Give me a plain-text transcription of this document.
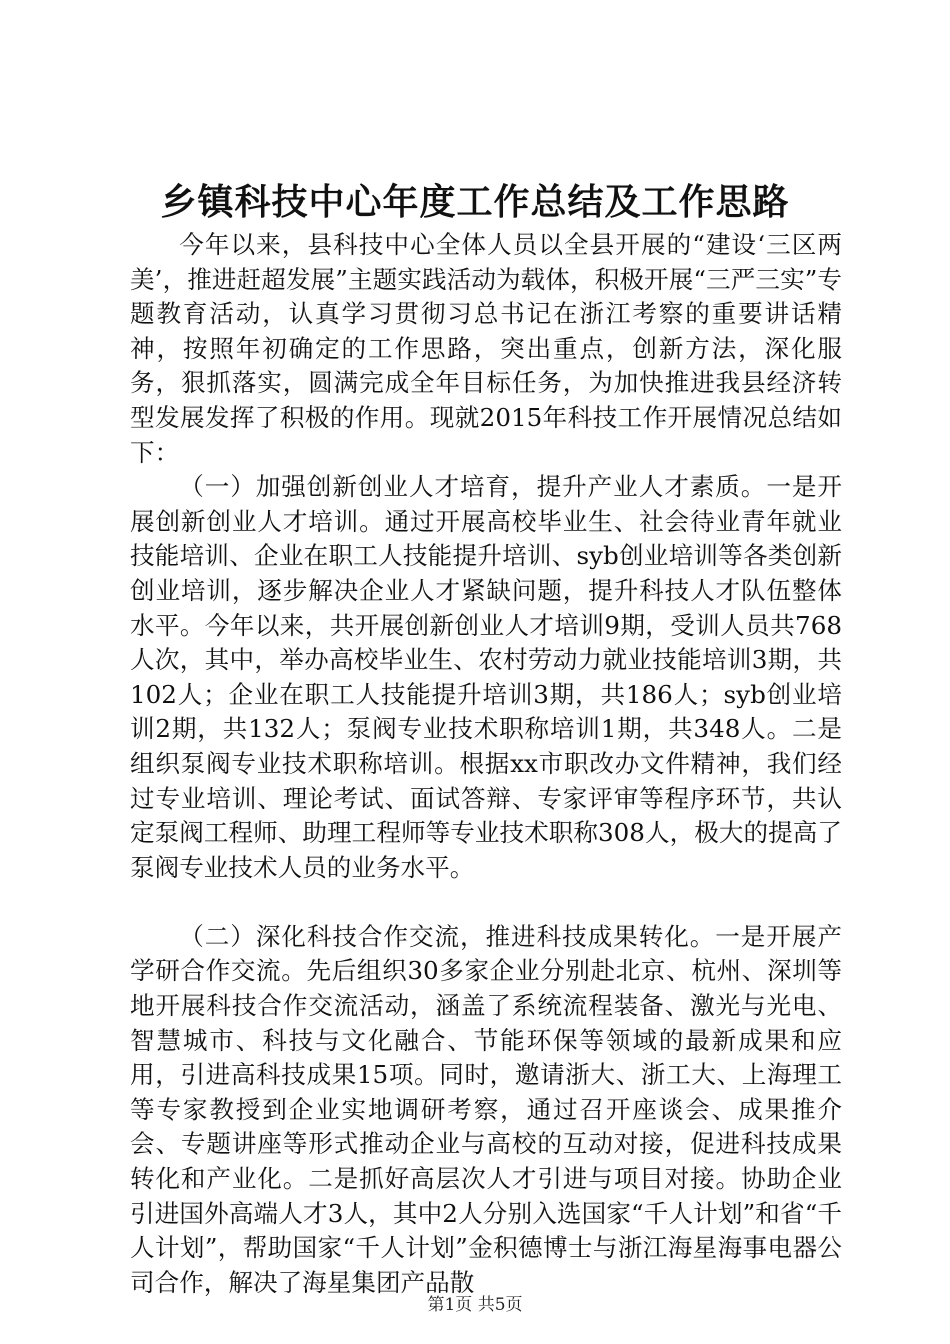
乡镇科技中心年度工作总结及工作思路

今年以来，县科技中心全体人员以全县开展的“建设‘三区两美’，推进赶超发展”主题实践活动为载体，积极开展“三严三实”专题教育活动，认真学习贯彻习总书记在浙江考察的重要讲话精神，按照年初确定的工作思路，突出重点，创新方法，深化服务，狠抓落实，圆满完成全年目标任务，为加快推进我县经济转型发展发挥了积极的作用。现就2015年科技工作开展情况总结如下：

（一）加强创新创业人才培育，提升产业人才素质。一是开展创新创业人才培训。通过开展高校毕业生、社会待业青年就业技能培训、企业在职工人技能提升培训、syb创业培训等各类创新创业培训，逐步解决企业人才紧缺问题，提升科技人才队伍整体水平。今年以来，共开展创新创业人才培训9期，受训人员共768人次，其中，举办高校毕业生、农村劳动力就业技能培训3期，共102人；企业在职工人技能提升培训3期，共186人；syb创业培训2期，共132人；泵阀专业技术职称培训1期，共348人。二是组织泵阀专业技术职称培训。根据xx市职改办文件精神，我们经过专业培训、理论考试、面试答辩、专家评审等程序环节，共认定泵阀工程师、助理工程师等专业技术职称308人，极大的提高了泵阀专业技术人员的业务水平。

（二）深化科技合作交流，推进科技成果转化。一是开展产学研合作交流。先后组织30多家企业分别赴北京、杭州、深圳等地开展科技合作交流活动，涵盖了系统流程装备、激光与光电、智慧城市、科技与文化融合、节能环保等领域的最新成果和应用，引进高科技成果15项。同时，邀请浙大、浙工大、上海理工等专家教授到企业实地调研考察，通过召开座谈会、成果推介会、专题讲座等形式推动企业与高校的互动对接，促进科技成果转化和产业化。二是抓好高层次人才引进与项目对接。协助企业引进国外高端人才3人，其中2人分别入选国家“千人计划”和省“千人计划”，帮助国家“千人计划”金积德博士与浙江海星海事电器公司合作，解决了海星集团产品散

第1页 共5页
